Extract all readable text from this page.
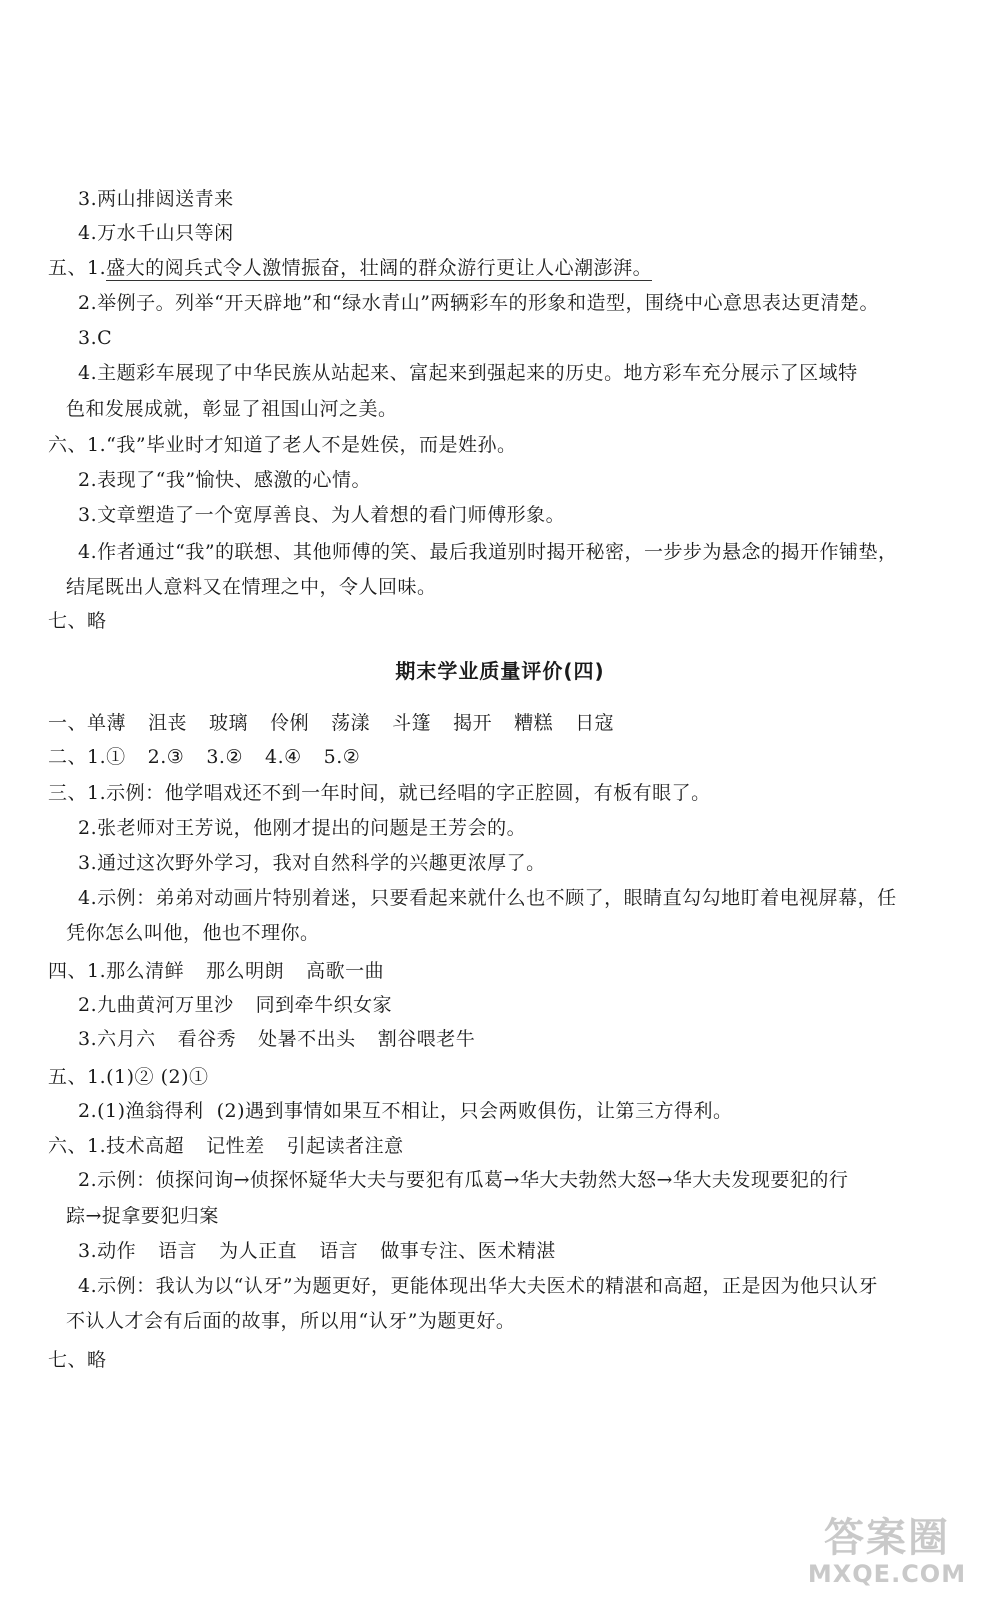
3.两山排闼送青来
4.万水千山只等闲
五、1.盛大的阅兵式令人激情振奋，壮阔的群众游行更让人心潮澎湃。
2.举例子。列举“开天辟地”和“绿水青山”两辆彩车的形象和造型，围绕中心意思表达更清楚。
3.C
4.主题彩车展现了中华民族从站起来、富起来到强起来的历史。地方彩车充分展示了区域特
色和发展成就，彰显了祖国山河之美。
六、1.“我”毕业时才知道了老人不是姓侯，而是姓孙。
2.表现了“我”愉快、感激的心情。
3.文章塑造了一个宽厚善良、为人着想的看门师傅形象。
4.作者通过“我”的联想、其他师傅的笑、最后我道别时揭开秘密，一步步为悬念的揭开作铺垫，
结尾既出人意料又在情理之中，令人回味。
七、略
期末学业质量评价(四)
一、单薄 沮丧 玻璃 伶俐 荡漾 斗篷 揭开 糟糕 日寇
二、1.① 2.③ 3.② 4.④ 5.②
三、1.示例：他学唱戏还不到一年时间，就已经唱的字正腔圆，有板有眼了。
2.张老师对王芳说，他刚才提出的问题是王芳会的。
3.通过这次野外学习，我对自然科学的兴趣更浓厚了。
4.示例：弟弟对动画片特别着迷，只要看起来就什么也不顾了，眼睛直勾勾地盯着电视屏幕，任
凭你怎么叫他，他也不理你。
四、1.那么清鲜 那么明朗 高歌一曲
2.九曲黄河万里沙 同到牵牛织女家
3.六月六 看谷秀 处暑不出头 割谷喂老牛
五、1.(1)② (2)①
2.(1)渔翁得利  (2)遇到事情如果互不相让，只会两败俱伤，让第三方得利。
六、1.技术高超 记性差 引起读者注意
2.示例：侦探问询→侦探怀疑华大夫与要犯有瓜葛→华大夫勃然大怒→华大夫发现要犯的行
踪→捉拿要犯归案
3.动作 语言 为人正直 语言 做事专注、医术精湛
4.示例：我认为以“认牙”为题更好，更能体现出华大夫医术的精湛和高超，正是因为他只认牙
不认人才会有后面的故事，所以用“认牙”为题更好。
七、略
答案圈
MXQE.COM
